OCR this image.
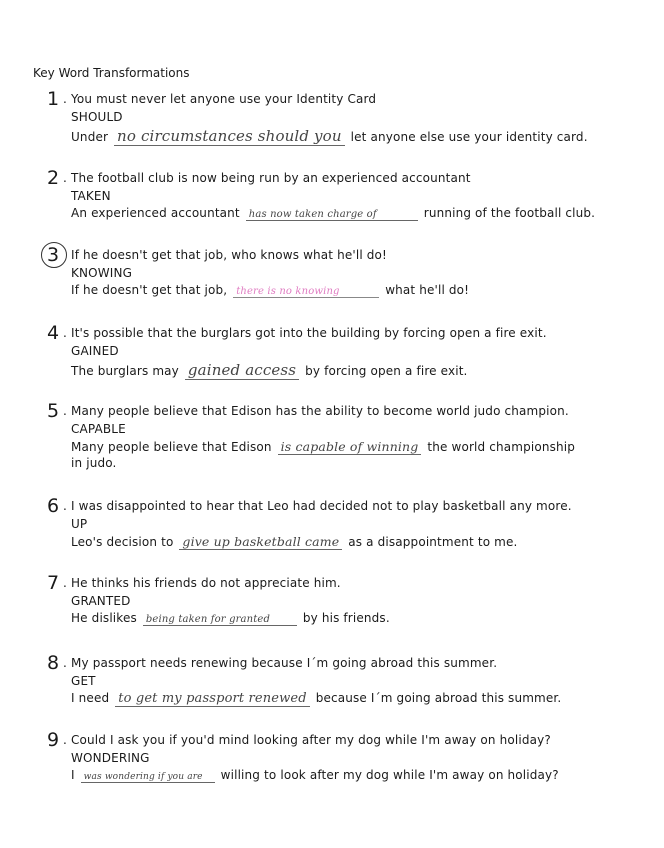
Key Word Transformations
1 . You must never let anyone use your Identity Card
SHOULD
Under no circumstances should you let anyone else use your identity card.
2 . The football club is now being run by an experienced accountant
TAKEN
An experienced accountant has now taken charge of	running of the football club.
3 If he doesn't get that job, who knows what he'll do!
KNOWING
If he doesn't get that job, there is no knowing	what he'll do!
4 . It's possible that the burglars got into the building by forcing open a fire exit.
GAINED
The burglars may gained access by forcing open a fire exit.
5 . Many people believe that Edison has the ability to become world judo champion.
CAPABLE
Many people believe that Edison is capable of winning the world championship
in judo.
6 . I was disappointed to hear that Leo had decided not to play basketball any more.
UP
Leo's decision to give up basketball came as a disappointment to me.
7 . He thinks his friends do not appreciate him.
GRANTED
He dislikes being taken for granted	by his friends.
8 . My passport needs renewing because I´m going abroad this summer.
GET
I need to get my passport renewed because I´m going abroad this summer.
9 . Could I ask you if you'd mind looking after my dog while I'm away on holiday?
WONDERING
I was wondering if you are willing to look after my dog while I'm away on holiday?
